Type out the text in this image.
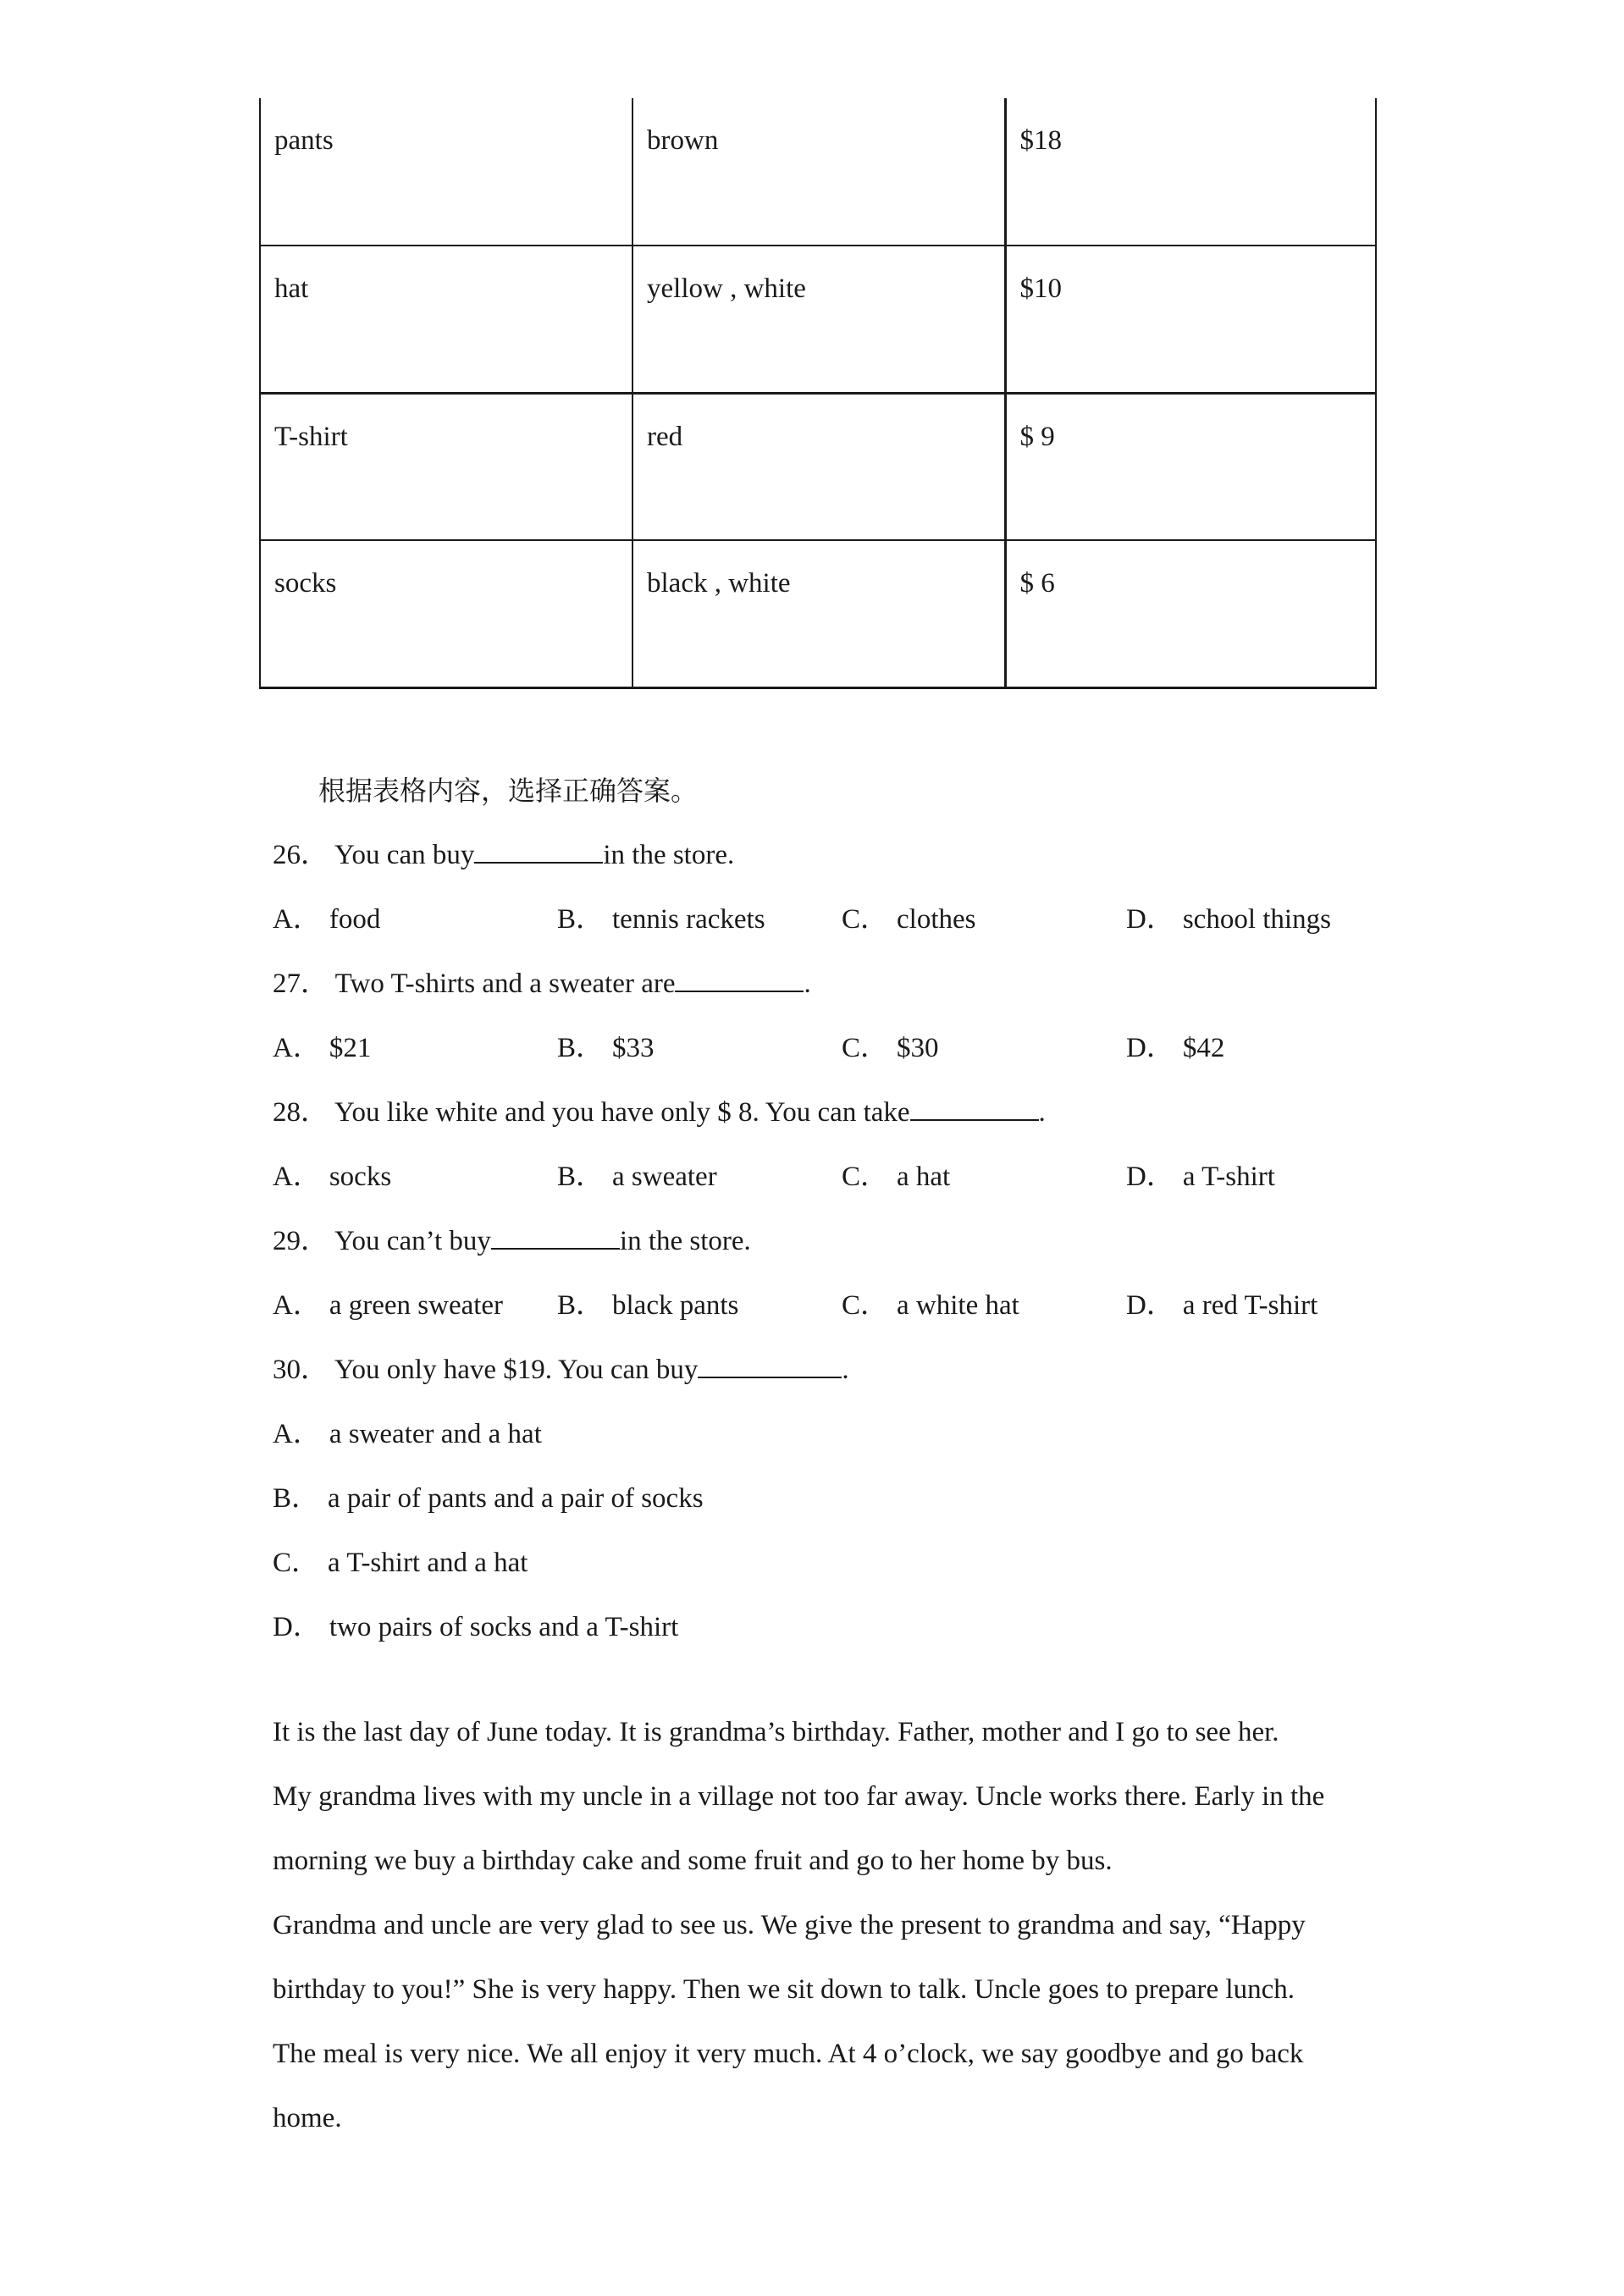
pants	brown	$18
hat	yellow , white	$10
T-shirt	red	$ 9
socks	black , white	$ 6
根据表格内容，选择正确答案。
26． You can buy	in the store.
A． food	B． tennis rackets	C． clothes	D． school things
27． Two T-shirts and a sweater are	.
A． $21	B． $33	C． $30	D． $42
28． You like white and you have only $ 8. You can take	.
A． socks	B． a sweater	C． a hat	D． a T-shirt
29． You can’t buy	in the store.
A． a green sweater B． black pants	C． a white hat	D． a red T-shirt
30． You only have $19. You can buy	.
A． a sweater and a hat
B． a pair of pants and a pair of socks
C． a T-shirt and a hat
D． two pairs of socks and a T-shirt
It is the last day of June today. It is grandma’s birthday. Father, mother and I go to see her.
My grandma lives with my uncle in a village not too far away. Uncle works there. Early in the
morning we buy a birthday cake and some fruit and go to her home by bus.
Grandma and uncle are very glad to see us. We give the present to grandma and say, “Happy
birthday to you!” She is very happy. Then we sit down to talk. Uncle goes to prepare lunch.
The meal is very nice. We all enjoy it very much. At 4 o’clock, we say goodbye and go back
home.
